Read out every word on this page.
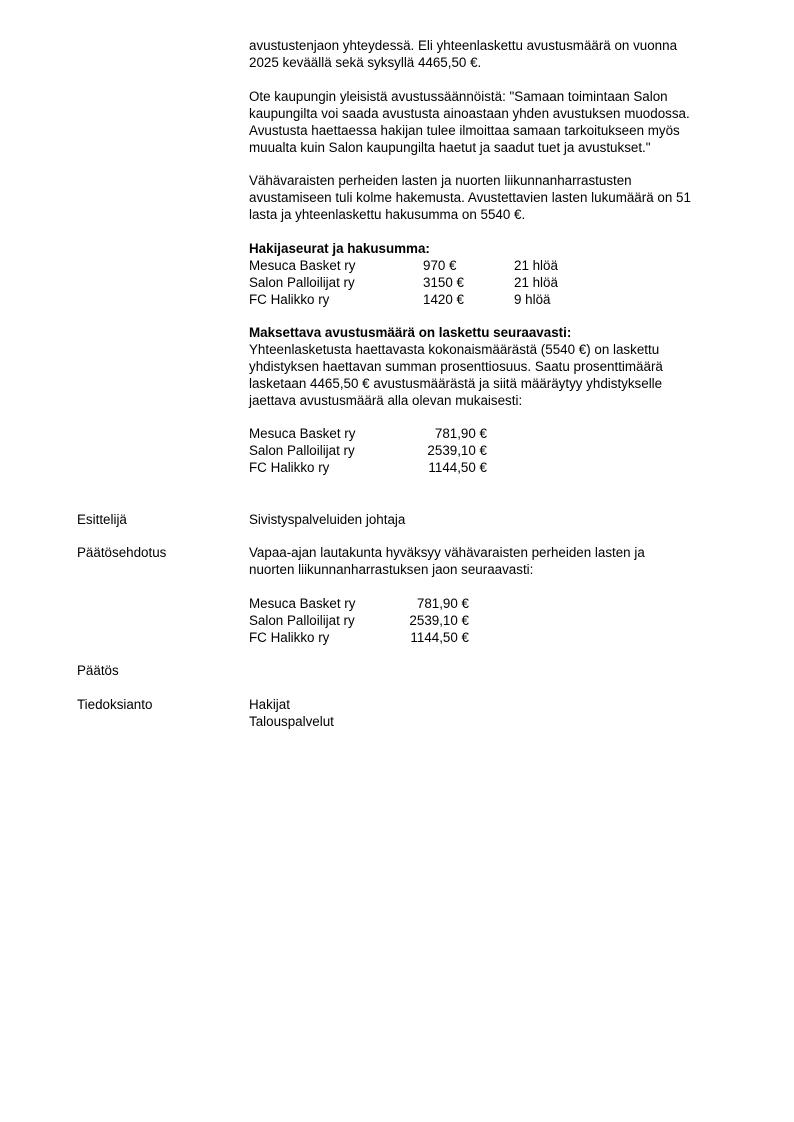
avustustenjaon yhteydessä. Eli yhteenlaskettu avustusmäärä on vuonna

2025 keväällä sekä syksyllä 4465,50 €.

Ote kaupungin yleisistä avustussäännöistä: "Samaan toimintaan Salon

kaupungilta voi saada avustusta ainoastaan yhden avustuksen muodossa.

Avustusta haettaessa hakijan tulee ilmoittaa samaan tarkoitukseen myös

muualta kuin Salon kaupungilta haetut ja saadut tuet ja avustukset."

Vähävaraisten perheiden lasten ja nuorten liikunnanharrastusten

avustamiseen tuli kolme hakemusta. Avustettavien lasten lukumäärä on 51

lasta ja yhteenlaskettu hakusumma on 5540 €.

Hakijaseurat ja hakusumma:

Mesuca Basket ry	970 €	21 hlöä
Salon Palloilijat ry	3150 €	21 hlöä
FC Halikko ry	1420 €	9 hlöä

Maksettava avustusmäärä on laskettu seuraavasti:

Yhteenlasketusta haettavasta kokonaismäärästä (5540 €) on laskettu

yhdistyksen haettavan summan prosenttiosuus. Saatu prosenttimäärä

lasketaan 4465,50 € avustusmäärästä ja siitä määräytyy yhdistykselle

jaettava avustusmäärä alla olevan mukaisesti:

Mesuca Basket ry	781,90 €
Salon Palloilijat ry	2539,10 €
FC Halikko ry	1144,50 €
Esittelijä	Sivistyspalveluiden johtaja
Päätösehdotus	Vapaa-ajan lautakunta hyväksyy vähävaraisten perheiden lasten ja

nuorten liikunnanharrastuksen jaon seuraavasti:

Mesuca Basket ry	781,90 €
Salon Palloilijat ry	2539,10 €
FC Halikko ry	1144,50 €
Päätös
Tiedoksianto	Hakijat

Talouspalvelut
